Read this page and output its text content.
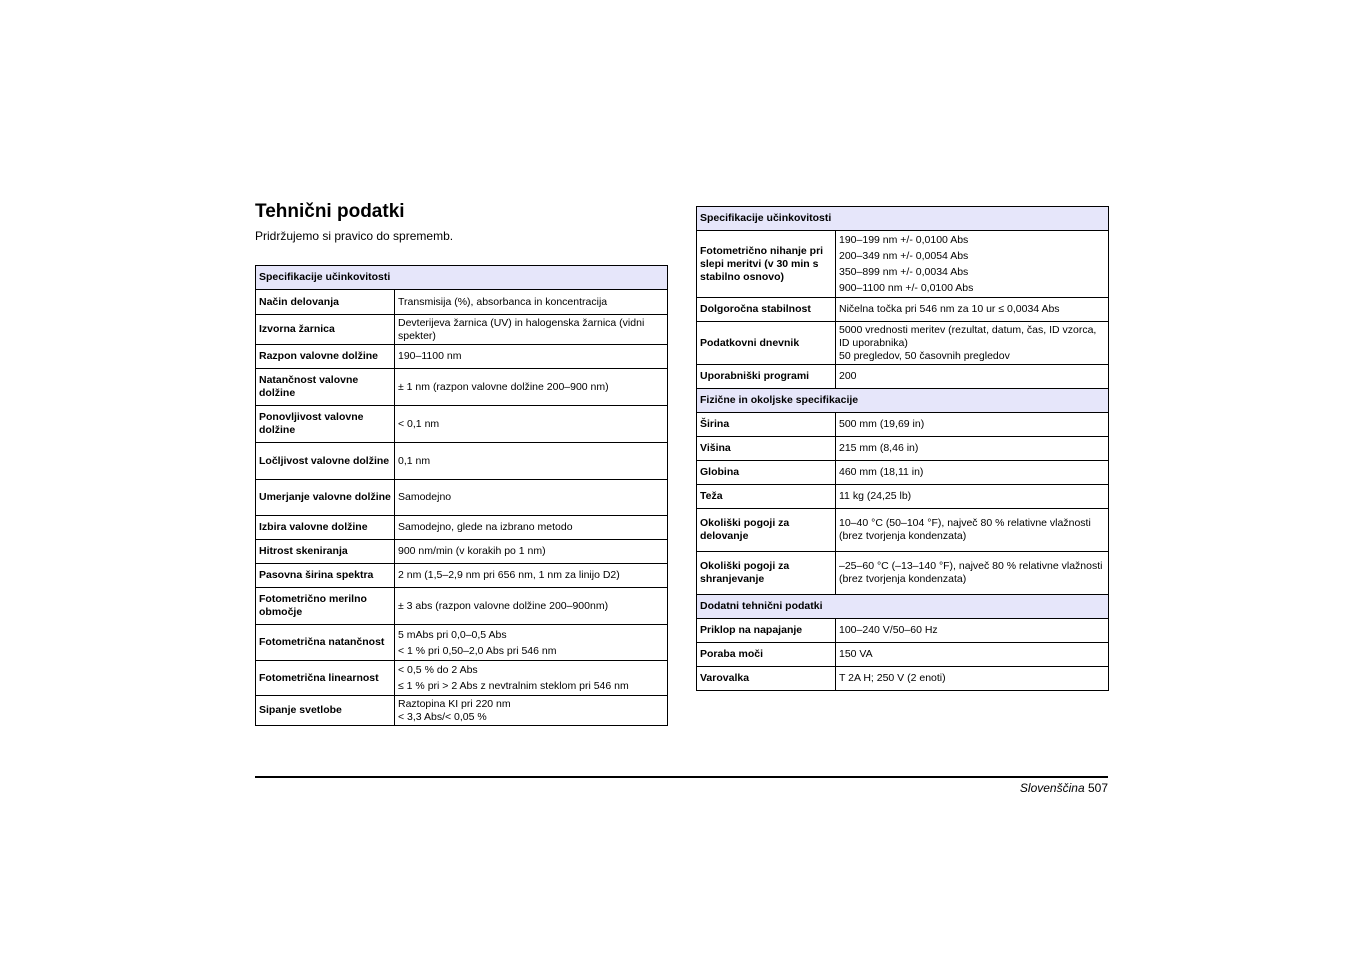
Tehnični podatki

Pridržujemo si pravico do sprememb.

Specifikacije učinkovitosti	
Način delovanja	Transmisija (%), absorbanca in koncentracija

Izvorna žarnica	Devterijeva žarnica (UV) in halogenska žarnica (vidni spekter)

Razpon valovne dolžine	190–1100 nm

Natančnost valovne dolžine	± 1 nm (razpon valovne dolžine 200–900 nm)

Ponovljivost valovne dolžine	< 0,1 nm

Ločljivost valovne dolžine	0,1 nm

Umerjanje valovne dolžine	Samodejno

Izbira valovne dolžine	Samodejno, glede na izbrano metodo

Hitrost skeniranja	900 nm/min (v korakih po 1 nm)

Pasovna širina spektra	2 nm (1,5–2,9 nm pri 656 nm, 1 nm za linijo D2)

Fotometrično merilno območje	± 3 abs (razpon valovne dolžine 200–900nm)

Fotometrična natančnost	5 mAbs pri 0,0–0,5 Abs
< 1 % pri 0,50–2,0 Abs pri 546 nm

Fotometrična linearnost	< 0,5 % do 2 Abs
≤ 1 % pri > 2 Abs z nevtralnim steklom pri 546 nm

Sipanje svetlobe	Raztopina KI pri 220 nm
< 3,3 Abs/< 0,05 %
Specifikacije učinkovitosti	
Fotometrično nihanje pri slepi meritvi (v 30 min s stabilno osnovo)	190–199 nm +/- 0,0100 Abs
200–349 nm +/- 0,0054 Abs
350–899 nm +/- 0,0034 Abs
900–1100 nm +/- 0,0100 Abs

Dolgoročna stabilnost	Ničelna točka pri 546 nm za 10 ur ≤ 0,0034 Abs

Podatkovni dnevnik	5000 vrednosti meritev (rezultat, datum, čas, ID vzorca, ID uporabnika)
50 pregledov, 50 časovnih pregledov

Uporabniški programi	200

Fizične in okoljske specifikacije	
Širina	500 mm (19,69 in)

Višina	215 mm (8,46 in)

Globina	460 mm (18,11 in)

Teža	11 kg (24,25 lb)

Okoliški pogoji za delovanje	10–40 °C (50–104 °F), največ 80 % relativne vlažnosti
(brez tvorjenja kondenzata)

Okoliški pogoji za shranjevanje	–25–60 °C (–13–140 °F), največ 80 % relativne vlažnosti
(brez tvorjenja kondenzata)

Dodatni tehnični podatki	
Priklop na napajanje	100–240 V/50–60 Hz

Poraba moči	150 VA

Varovalka	T 2A H; 250 V (2 enoti)
Slovenščina 507
